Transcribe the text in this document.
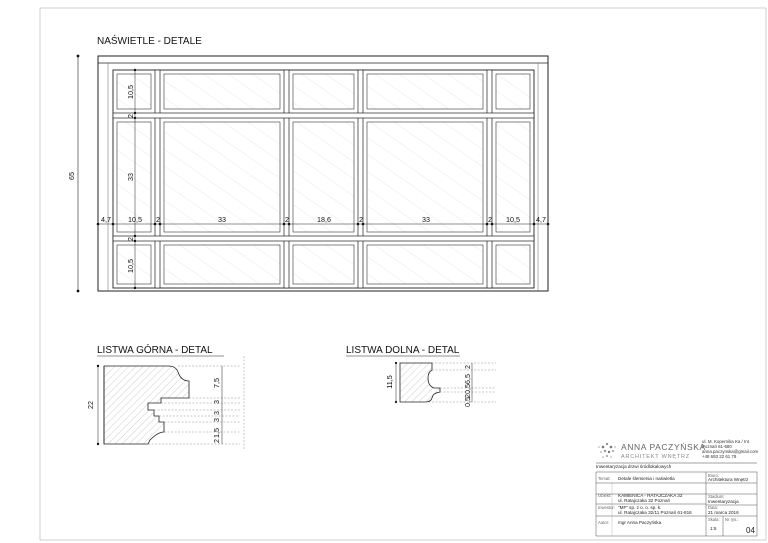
NAŚWIETLE - DETALE
65
10,5
2
33
2
10,5
4,7 10,5 2	33	2	18,6	2	33	2 10,5 4,7
LISTWA GÓRNA - DETAL
7,5
3
3
3
1,5
2
22
LISTWA DOLNA - DETAL
2
6,5
0,5
2
0,5
11,5
ANNA PACZYŃSKA
ARCHITEKT WNĘTRZ
ul. M. Kopernika Ka / Int
Poznań 61-680
anna.paczynska@gmail.com
+48 693 22 61 79
Inwentaryzacja drzwi śródlokalowych
Biuro:
Architektura Wnętrz
Temat: Detale ślemienia i naświetla
Obiekt: KAMIENICA - RATAJCZAKA 32
ul. Ratajczaka 32 Poznań
Stadium:
Inwentaryzacja
Inwestor: "MF" sp. z o. o. sp. k.
ul. Ratajczaka 32/11 Poznań 61-816
Data:
21 marca 2016
Autor: mgr Anna Paczyńska
Skala:
1:5
Nr rys.:
04
